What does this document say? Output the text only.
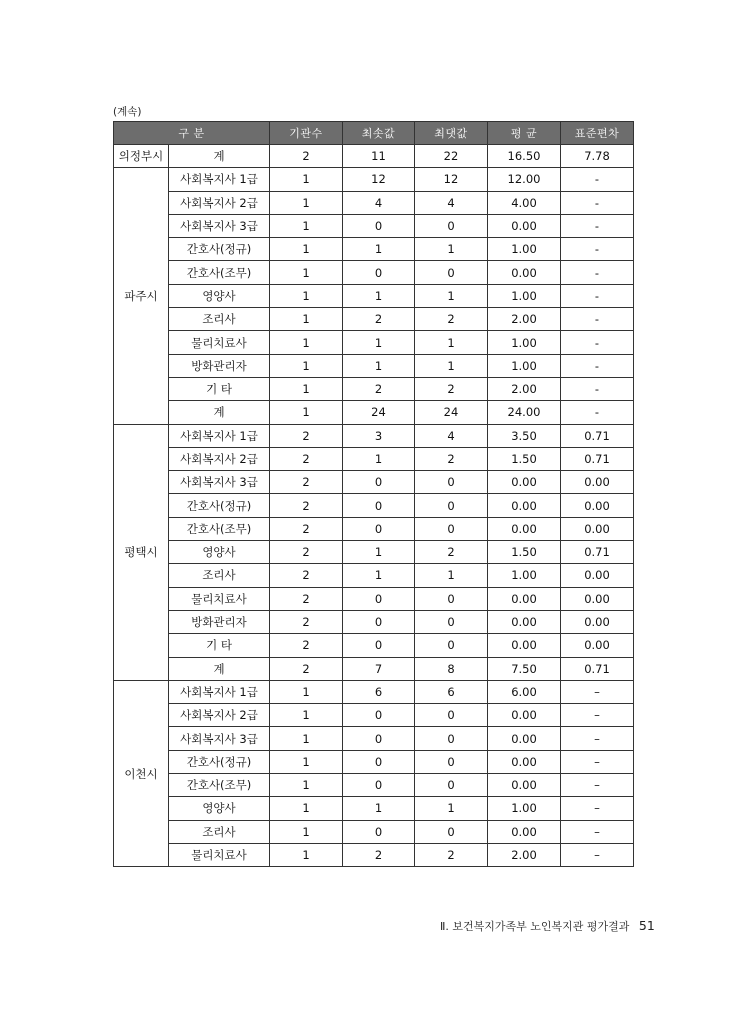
(계속)
구 분		기관수	최솟값	최댓값	평 균	표준편차
의정부시	계	2	11	22	16.50	7.78
파주시	사회복지사 1급	1	12	12	12.00	-
	사회복지사 2급	1	4	4	4.00	-
	사회복지사 3급	1	0	0	0.00	-
	간호사(정규)	1	1	1	1.00	-
	간호사(조무)	1	0	0	0.00	-
	영양사	1	1	1	1.00	-
	조리사	1	2	2	2.00	-
	물리치료사	1	1	1	1.00	-
	방화관리자	1	1	1	1.00	-
	기 타	1	2	2	2.00	-
	계	1	24	24	24.00	-
평택시	사회복지사 1급	2	3	4	3.50	0.71
	사회복지사 2급	2	1	2	1.50	0.71
	사회복지사 3급	2	0	0	0.00	0.00
	간호사(정규)	2	0	0	0.00	0.00
	간호사(조무)	2	0	0	0.00	0.00
	영양사	2	1	2	1.50	0.71
	조리사	2	1	1	1.00	0.00
	물리치료사	2	0	0	0.00	0.00
	방화관리자	2	0	0	0.00	0.00
	기 타	2	0	0	0.00	0.00
	계	2	7	8	7.50	0.71
이천시	사회복지사 1급	1	6	6	6.00	–
	사회복지사 2급	1	0	0	0.00	–
	사회복지사 3급	1	0	0	0.00	–
	간호사(정규)	1	0	0	0.00	–
	간호사(조무)	1	0	0	0.00	–
	영양사	1	1	1	1.00	–
	조리사	1	0	0	0.00	–
	물리치료사	1	2	2	2.00	–
Ⅱ. 보건복지가족부 노인복지관 평가결과 51
